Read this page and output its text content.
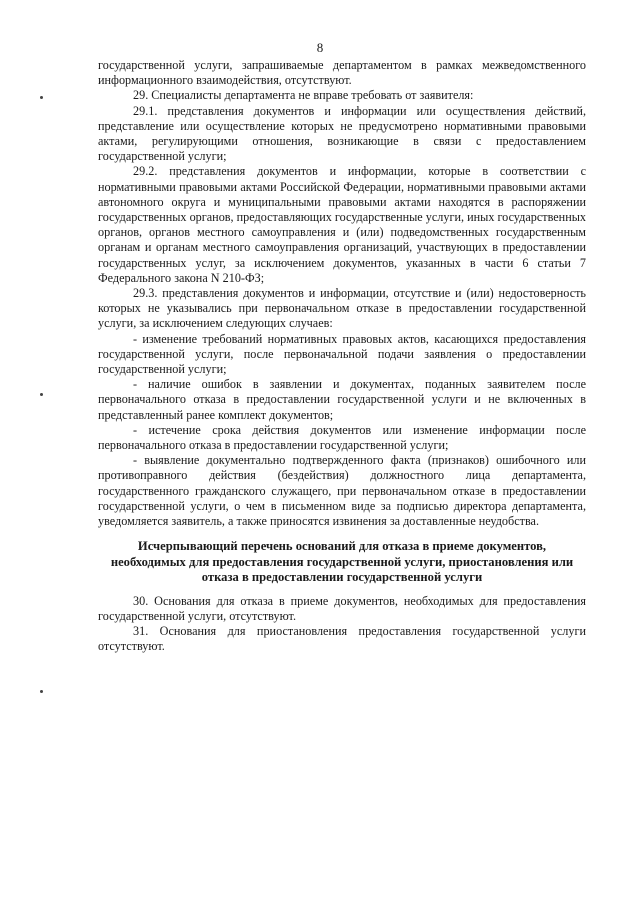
8

государственной услуги, запрашиваемые департаментом в рамках межведомственного информационного взаимодействия, отсутствуют.

29. Специалисты департамента не вправе требовать от заявителя:

29.1. представления документов и информации или осуществления действий, представление или осуществление которых не предусмотрено нормативными правовыми актами, регулирующими отношения, возникающие в связи с предоставлением государственной услуги;

29.2. представления документов и информации, которые в соответствии с нормативными правовыми актами Российской Федерации, нормативными правовыми актами автономного округа и муниципальными правовыми актами находятся в распоряжении государственных органов, предоставляющих государственные услуги, иных государственных органов, органов местного самоуправления и (или) подведомственных государственным органам и органам местного самоуправления организаций, участвующих в предоставлении государственных услуг, за исключением документов, указанных в части 6 статьи 7 Федерального закона N 210-ФЗ;

29.3. представления документов и информации, отсутствие и (или) недостоверность которых не указывались при первоначальном отказе в предоставлении государственной услуги, за исключением следующих случаев:

- изменение требований нормативных правовых актов, касающихся предоставления государственной услуги, после первоначальной подачи заявления о предоставлении государственной услуги;

- наличие ошибок в заявлении и документах, поданных заявителем после первоначального отказа в предоставлении государственной услуги и не включенных в представленный ранее комплект документов;

- истечение срока действия документов или изменение информации после первоначального отказа в предоставлении государственной услуги;

- выявление документально подтвержденного факта (признаков) ошибочного или противоправного действия (бездействия) должностного лица департамента, государственного гражданского служащего, при первоначальном отказе в предоставлении государственной услуги, о чем в письменном виде за подписью директора департамента, уведомляется заявитель, а также приносятся извинения за доставленные неудобства.

Исчерпывающий перечень оснований для отказа в приеме документов, необходимых для предоставления государственной услуги, приостановления или отказа в предоставлении государственной услуги

30. Основания для отказа в приеме документов, необходимых для предоставления государственной услуги, отсутствуют.

31. Основания для приостановления предоставления государственной услуги отсутствуют.
